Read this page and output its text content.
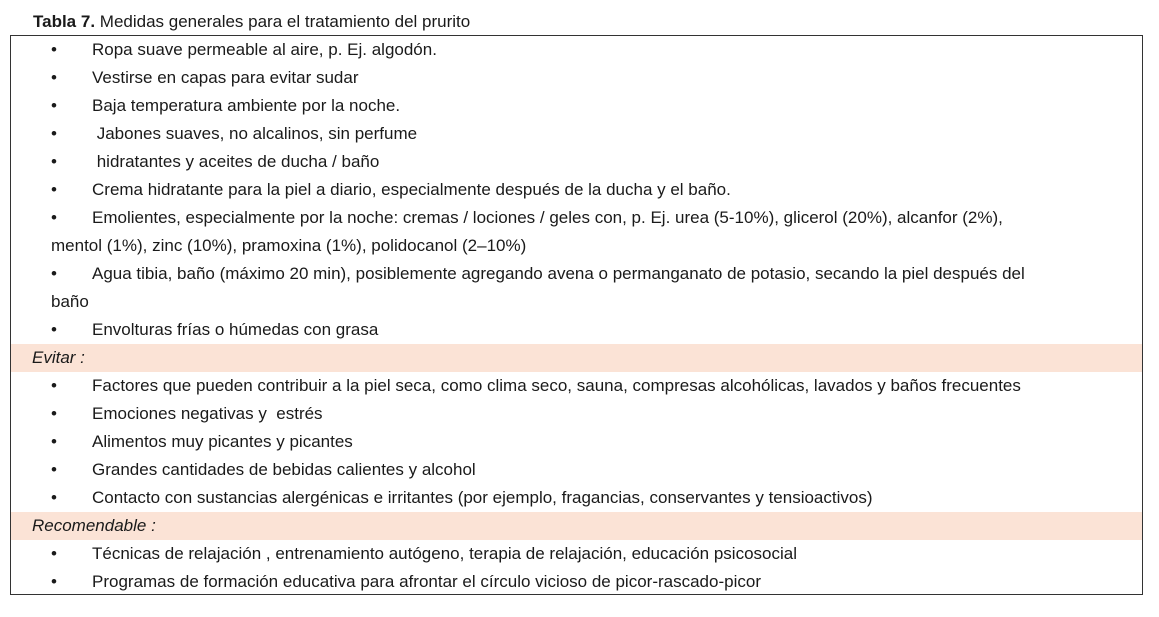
Tabla 7. Medidas generales para el tratamiento del prurito
• Ropa suave permeable al aire, p. Ej. algodón.
• Vestirse en capas para evitar sudar
• Baja temperatura ambiente por la noche.
• Jabones suaves, no alcalinos, sin perfume
• hidratantes y aceites de ducha / baño
• Crema hidratante para la piel a diario, especialmente después de la ducha y el baño.
• Emolientes, especialmente por la noche: cremas / lociones / geles con, p. Ej. urea (5-10%), glicerol (20%), alcanfor (2%),
mentol (1%), zinc (10%), pramoxina (1%), polidocanol (2–10%)
• Agua tibia, baño (máximo 20 min), posiblemente agregando avena o permanganato de potasio, secando la piel después del
baño
• Envolturas frías o húmedas con grasa
Evitar :
• Factores que pueden contribuir a la piel seca, como clima seco, sauna, compresas alcohólicas, lavados y baños frecuentes
• Emociones negativas y  estrés
• Alimentos muy picantes y picantes
• Grandes cantidades de bebidas calientes y alcohol
• Contacto con sustancias alergénicas e irritantes (por ejemplo, fragancias, conservantes y tensioactivos)
Recomendable :
• Técnicas de relajación , entrenamiento autógeno, terapia de relajación, educación psicosocial
• Programas de formación educativa para afrontar el círculo vicioso de picor-rascado-picor
